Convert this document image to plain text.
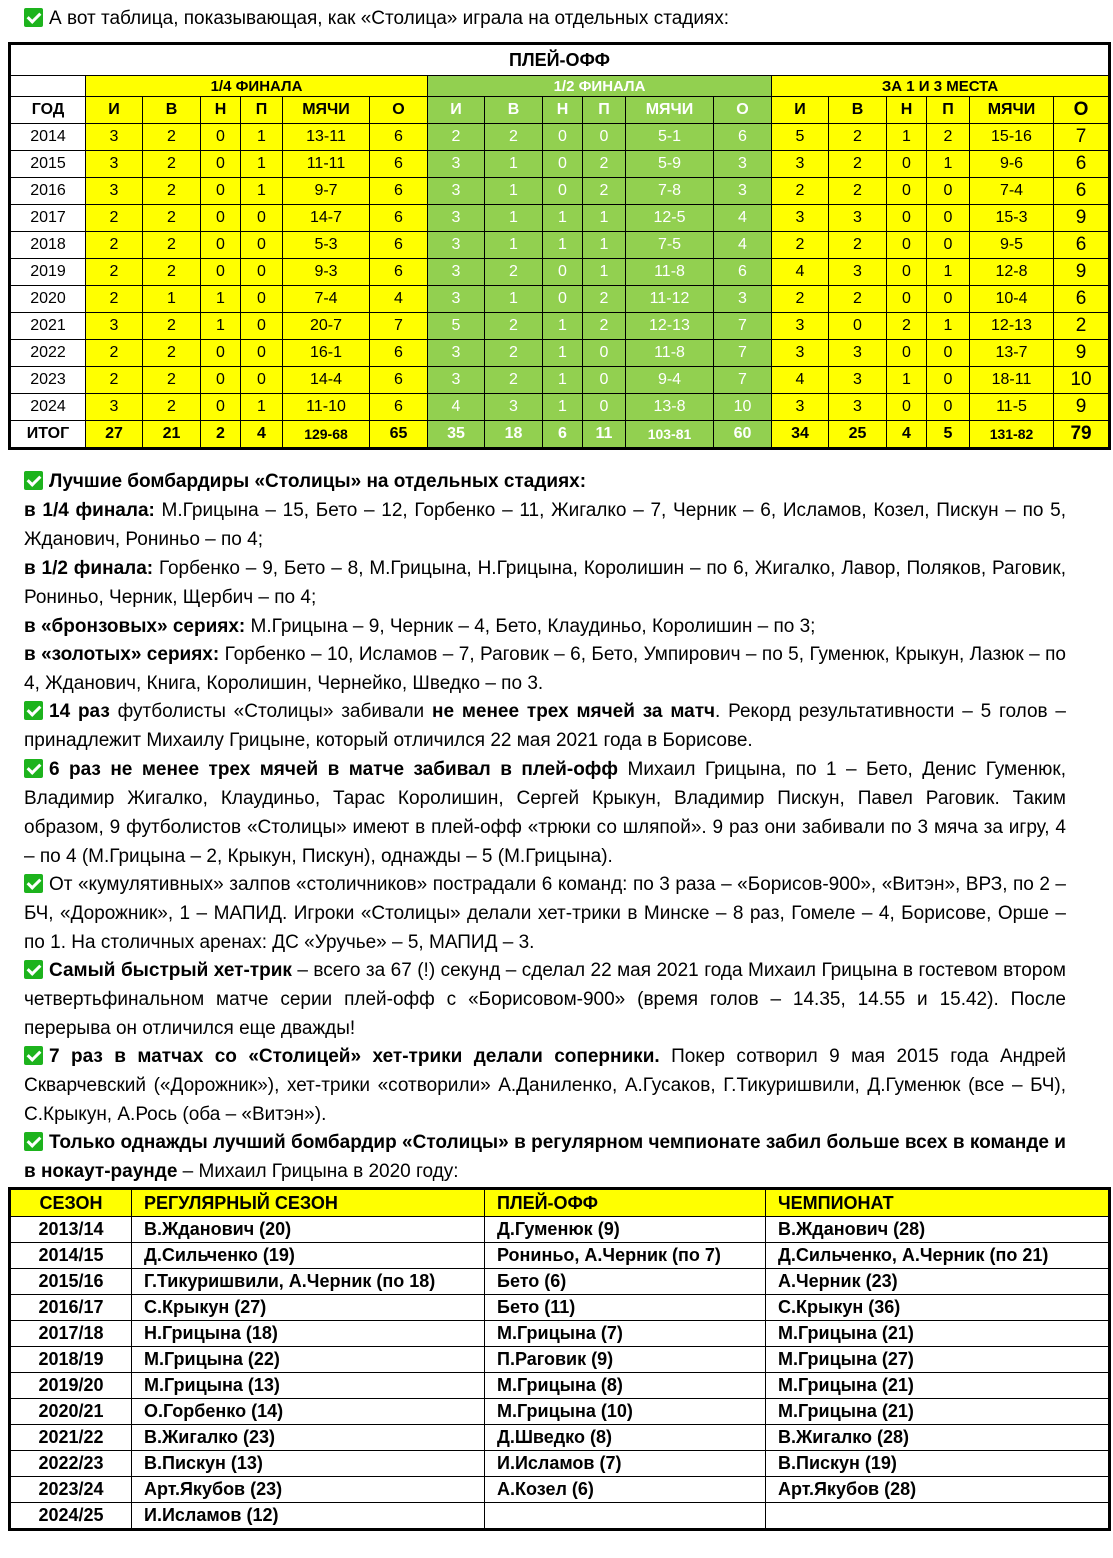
А вот таблица, показывающая, как «Столица» играла на отдельных стадиях:
ПЛЕЙ-ОФФ																		
	1/4 ФИНАЛА						1/2 ФИНАЛА						ЗА 1 И 3 МЕСТА					
ГОД	И	В	Н	П	МЯЧИ	О	И	В	Н	П	МЯЧИ	О	И	В	Н	П	МЯЧИ	О
2014	3	2	0	1	13-11	6	2	2	0	0	5-1	6	5	2	1	2	15-16	7
2015	3	2	0	1	11-11	6	3	1	0	2	5-9	3	3	2	0	1	9-6	6
2016	3	2	0	1	9-7	6	3	1	0	2	7-8	3	2	2	0	0	7-4	6
2017	2	2	0	0	14-7	6	3	1	1	1	12-5	4	3	3	0	0	15-3	9
2018	2	2	0	0	5-3	6	3	1	1	1	7-5	4	2	2	0	0	9-5	6
2019	2	2	0	0	9-3	6	3	2	0	1	11-8	6	4	3	0	1	12-8	9
2020	2	1	1	0	7-4	4	3	1	0	2	11-12	3	2	2	0	0	10-4	6
2021	3	2	1	0	20-7	7	5	2	1	2	12-13	7	3	0	2	1	12-13	2
2022	2	2	0	0	16-1	6	3	2	1	0	11-8	7	3	3	0	0	13-7	9
2023	2	2	0	0	14-4	6	3	2	1	0	9-4	7	4	3	1	0	18-11	10
2024	3	2	0	1	11-10	6	4	3	1	0	13-8	10	3	3	0	0	11-5	9
ИТОГ	27	21	2	4	129-68	65	35	18	6	11	103-81	60	34	25	4	5	131-82	79
Лучшие бомбардиры «Столицы» на отдельных стадиях:
в 1/4 финала: М.Грицына – 15, Бето – 12, Горбенко – 11, Жигалко – 7, Черник – 6, Исламов, Козел, Пискун – по 5, Жданович, Рониньо – по 4;
в 1/2 финала: Горбенко – 9, Бето – 8, М.Грицына, Н.Грицына, Королишин – по 6, Жигалко, Лавор, Поляков, Раговик, Рониньо, Черник, Щербич – по 4;
в «бронзовых» сериях: М.Грицына – 9, Черник – 4, Бето, Клаудиньо, Королишин – по 3;
в «золотых» сериях: Горбенко – 10, Исламов – 7, Раговик – 6, Бето, Умпирович – по 5, Гуменюк, Крыкун, Лазюк – по 4, Жданович, Книга, Королишин, Чернейко, Шведко – по 3.
14 раз футболисты «Столицы» забивали не менее трех мячей за матч. Рекорд результативности – 5 голов – принадлежит Михаилу Грицыне, который отличился 22 мая 2021 года в Борисове.
6 раз не менее трех мячей в матче забивал в плей-офф Михаил Грицына, по 1 – Бето, Денис Гуменюк, Владимир Жигалко, Клаудиньо, Тарас Королишин, Сергей Крыкун, Владимир Пискун, Павел Раговик. Таким образом, 9 футболистов «Столицы» имеют в плей-офф «трюки со шляпой». 9 раз они забивали по 3 мяча за игру, 4 – по 4 (М.Грицына – 2, Крыкун, Пискун), однажды – 5 (М.Грицына).
От «кумулятивных» залпов «столичников» пострадали 6 команд: по 3 раза – «Борисов-900», «Витэн», ВРЗ, по 2 – БЧ, «Дорожник», 1 – МАПИД. Игроки «Столицы» делали хет-трики в Минске – 8 раз, Гомеле – 4, Борисове, Орше – по 1. На столичных аренах: ДС «Уручье» – 5, МАПИД – 3.
Самый быстрый хет-трик – всего за 67 (!) секунд – сделал 22 мая 2021 года Михаил Грицына в гостевом втором четвертьфинальном матче серии плей-офф с «Борисовом-900» (время голов – 14.35, 14.55 и 15.42). После перерыва он отличился еще дважды!
7 раз в матчах со «Столицей» хет-трики делали соперники. Покер сотворил 9 мая 2015 года Андрей Скварчевский («Дорожник»), хет-трики «сотворили» А.Даниленко, А.Гусаков, Г.Тикуришвили, Д.Гуменюк (все – БЧ), С.Крыкун, А.Рось (оба – «Витэн»).
Только однажды лучший бомбардир «Столицы» в регулярном чемпионате забил больше всех в команде и в нокаут-раунде – Михаил Грицына в 2020 году:
СЕЗОН	РЕГУЛЯРНЫЙ СЕЗОН	ПЛЕЙ-ОФФ	ЧЕМПИОНАТ
2013/14	В.Жданович (20)	Д.Гуменюк (9)	В.Жданович (28)
2014/15	Д.Сильченко (19)	Рониньо, А.Черник (по 7)	Д.Сильченко, А.Черник (по 21)
2015/16	Г.Тикуришвили, А.Черник (по 18)	Бето (6)	А.Черник (23)
2016/17	С.Крыкун (27)	Бето (11)	С.Крыкун (36)
2017/18	Н.Грицына (18)	М.Грицына (7)	М.Грицына (21)
2018/19	М.Грицына (22)	П.Раговик (9)	М.Грицына (27)
2019/20	М.Грицына (13)	М.Грицына (8)	М.Грицына (21)
2020/21	О.Горбенко (14)	М.Грицына (10)	М.Грицына (21)
2021/22	В.Жигалко (23)	Д.Шведко (8)	В.Жигалко (28)
2022/23	В.Пискун (13)	И.Исламов (7)	В.Пискун (19)
2023/24	Арт.Якубов (23)	А.Козел (6)	Арт.Якубов (28)
2024/25	И.Исламов (12)		
